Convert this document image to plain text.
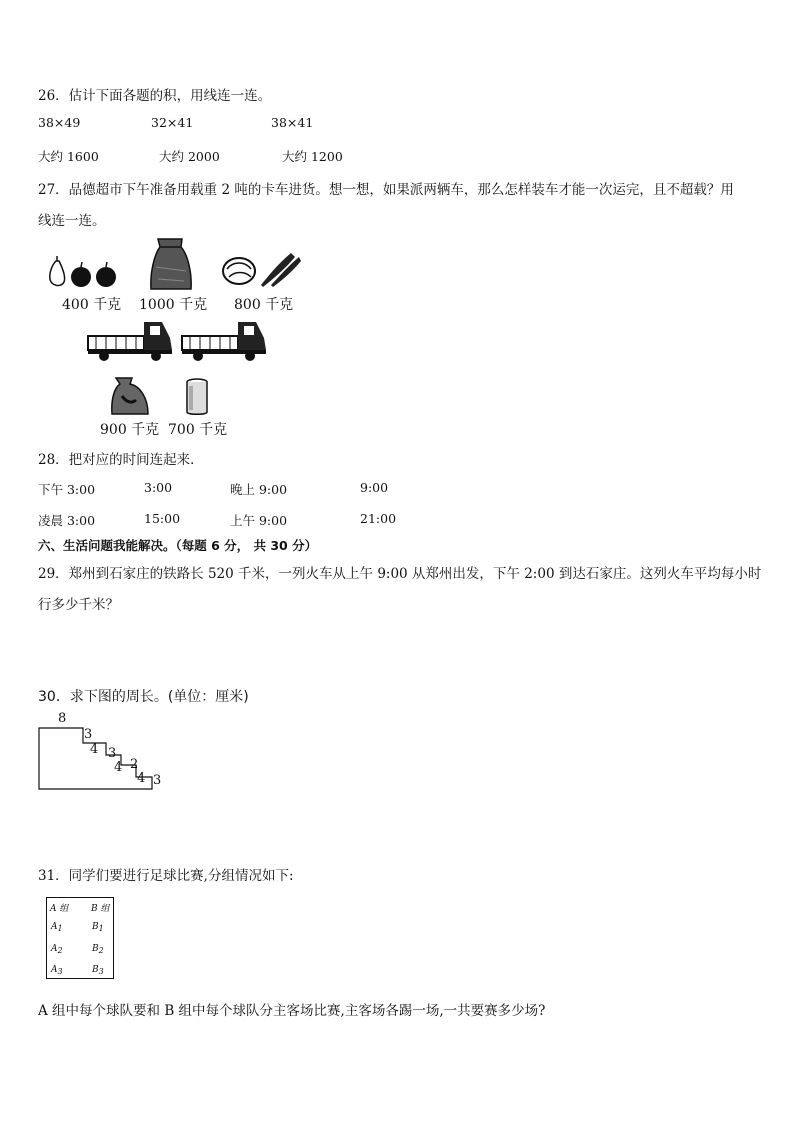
26．估计下面各题的积，用线连一连。
38×49	32×41	38×41
大约 1600	大约 2000	大约 1200
27．品德超市下午准备用载重 2 吨的卡车进货。想一想，如果派两辆车，那么怎样装车才能一次运完，且不超载？用
线连一连。
400 千克 1000 千克 800 千克
900 千克 700 千克
28．把对应的时间连起来．
下午 3:00	3:00	晚上 9:00	9:00
凌晨 3:00	15:00	上午 9:00	21:00
六、生活问题我能解决。（每题 6 分， 共 30 分）
29．郑州到石家庄的铁路长 520 千米，一列火车从上午 9:00 从郑州出发，下午 2:00 到达石家庄。这列火车平均每小时
行多少千米？
30．求下图的周长。(单位：厘米)
8
3
4 3
4 2
4 3
31．同学们要进行足球比赛,分组情况如下:
A 组	B 组
A1	B1
A2	B2
A3	B3
A 组中每个球队要和 B 组中每个球队分主客场比赛,主客场各踢一场,一共要赛多少场?
